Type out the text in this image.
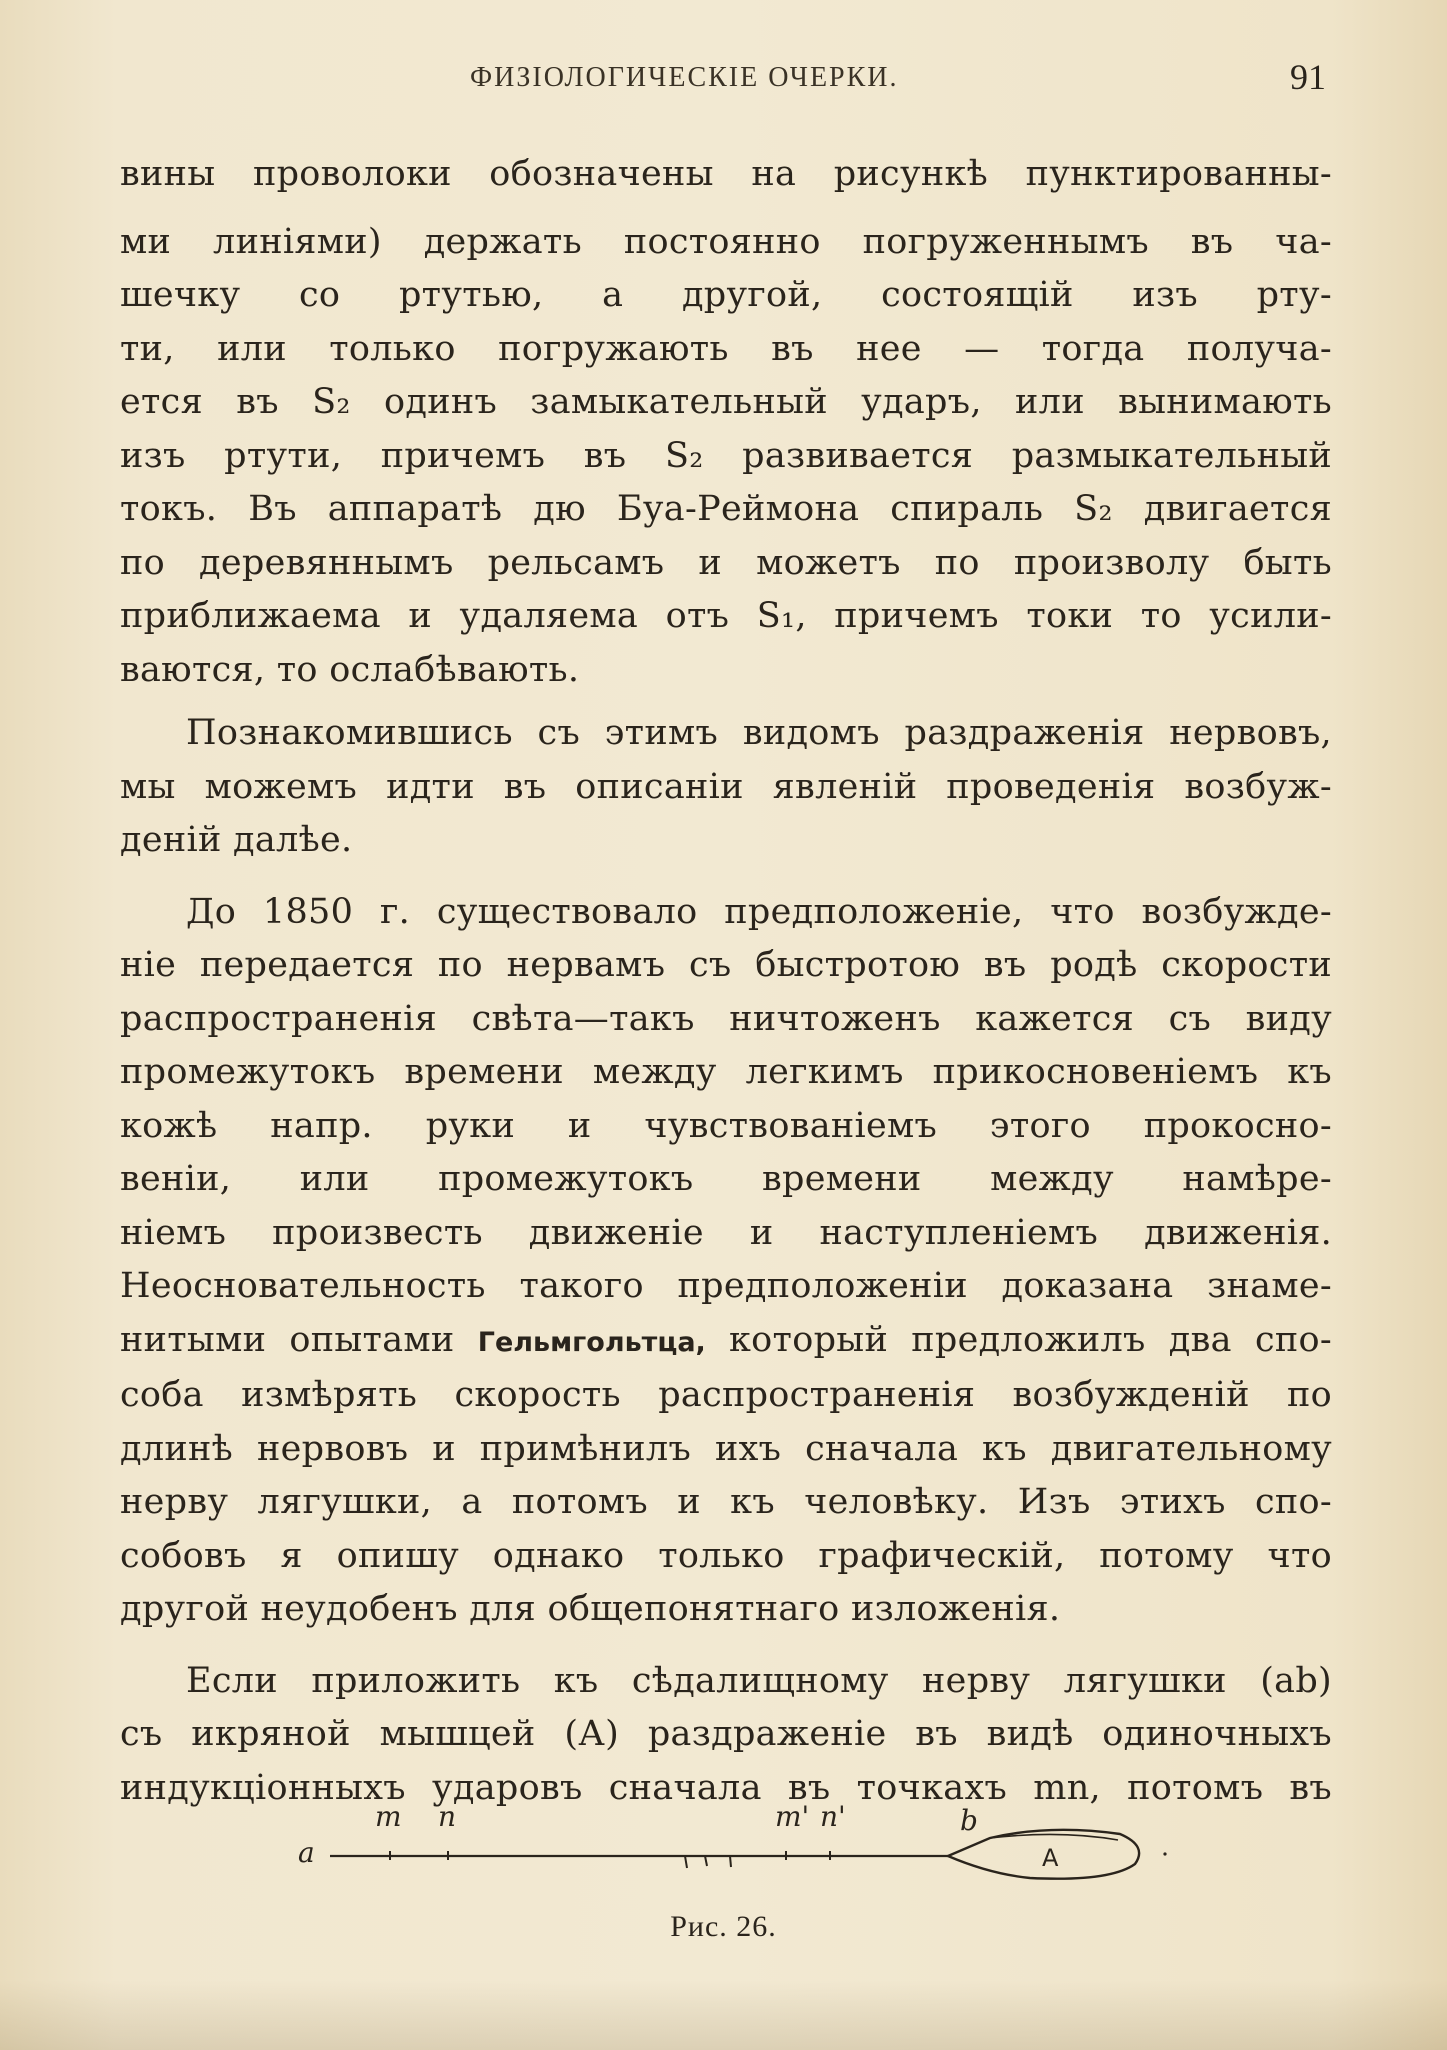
ФИЗІОЛОГИЧЕСКІЕ ОЧЕРКИ.	91
вины проволоки обозначены на рисункѣ пунктированны-
ми линіями) держать постоянно погруженнымъ въ ча-
шечку со ртутью, а другой, состоящій изъ рту-
ти, или только погружають въ нее — тогда получа-
ется въ S₂ одинъ замыкательный ударъ, или вынимають
изъ ртути, причемъ въ S₂ развивается размыкательный
токъ. Въ аппаратѣ дю Буа-Реймона спираль S₂ двигается
по деревяннымъ рельсамъ и можетъ по произволу быть
приближаема и удаляема отъ S₁, причемъ токи то усили-
ваются, то ослабѣвають.
Познакомившись съ этимъ видомъ раздраженія нервовъ,
мы можемъ идти въ описаніи явленій проведенія возбуж-
деній далѣе.
До 1850 г. существовало предположеніе, что возбужде-
ніе передается по нервамъ съ быстротою въ родѣ скорости
распространенія свѣта—такъ ничтоженъ кажется съ виду
промежутокъ времени между легкимъ прикосновеніемъ къ
кожѣ напр. руки и чувствованіемъ этого прокосно-
веніи, или промежутокъ времени между намѣре-
ніемъ произвесть движеніе и наступленіемъ движенія.
Неосновательность такого предположеніи доказана знаме-
нитыми опытами Гельмгольтца, который предложилъ два спо-
соба измѣрять скорость распространенія возбужденій по
длинѣ нервовъ и примѣнилъ ихъ сначала къ двигательному
нерву лягушки, а потомъ и къ человѣку. Изъ этихъ спо-
собовъ я опишу однако только графическій, потому что
другой неудобенъ для общепонятнаго изложенія.
Если приложить къ сѣдалищному нерву лягушки (аb)
съ икряной мышцей (А) раздраженіе въ видѣ одиночныхъ
индукціонныхъ ударовъ сначала въ точкахъ mn, потомъ въ
a
m n	m' n'	b
A
Рис. 26.
